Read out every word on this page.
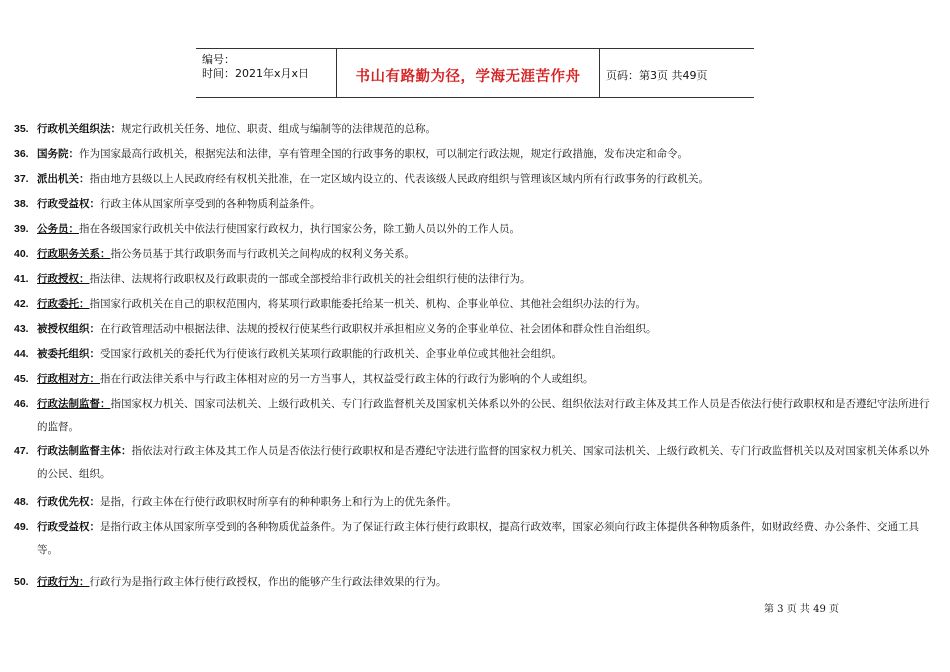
编号：
时间：2021年x月x日	书山有路勤为径，学海无涯苦作舟	页码：第3页 共49页
35. 行政机关组织法：规定行政机关任务、地位、职责、组成与编制等的法律规范的总称。
36. 国务院：作为国家最高行政机关，根据宪法和法律，享有管理全国的行政事务的职权，可以制定行政法规，规定行政措施，发布决定和命令。
37. 派出机关：指由地方县级以上人民政府经有权机关批准，在一定区域内设立的、代表该级人民政府组织与管理该区域内所有行政事务的行政机关。
38. 行政受益权：行政主体从国家所享受到的各种物质利益条件。
39. 公务员：指在各级国家行政机关中依法行使国家行政权力，执行国家公务，除工勤人员以外的工作人员。
40. 行政职务关系：指公务员基于其行政职务而与行政机关之间构成的权利义务关系。
41. 行政授权：指法律、法规将行政职权及行政职责的一部或全部授给非行政机关的社会组织行使的法律行为。
42. 行政委托：指国家行政机关在自己的职权范围内，将某项行政职能委托给某一机关、机构、企事业单位、其他社会组织办法的行为。
43. 被授权组织：在行政管理活动中根据法律、法规的授权行使某些行政职权并承担相应义务的企事业单位、社会团体和群众性自治组织。
44. 被委托组织：受国家行政机关的委托代为行使该行政机关某项行政职能的行政机关、企事业单位或其他社会组织。
45. 行政相对方：指在行政法律关系中与行政主体相对应的另一方当事人，其权益受行政主体的行政行为影响的个人或组织。
46. 行政法制监督：指国家权力机关、国家司法机关、上级行政机关、专门行政监督机关及国家机关体系以外的公民、组织依法对行政主体及其工作人员是否依法行使行政职权和是否遵纪守法所进行的监督。
47. 行政法制监督主体：指依法对行政主体及其工作人员是否依法行使行政职权和是否遵纪守法进行监督的国家权力机关、国家司法机关、上级行政机关、专门行政监督机关以及对国家机关体系以外的公民、组织。
48. 行政优先权：是指，行政主体在行使行政职权时所享有的种种职务上和行为上的优先条件。
49. 行政受益权：是指行政主体从国家所享受到的各种物质优益条件。为了保证行政主体行使行政职权，提高行政效率，国家必须向行政主体提供各种物质条件，如财政经费、办公条件、交通工具等。
50. 行政行为：行政行为是指行政主体行使行政授权，作出的能够产生行政法律效果的行为。
第 3 页 共 49 页
